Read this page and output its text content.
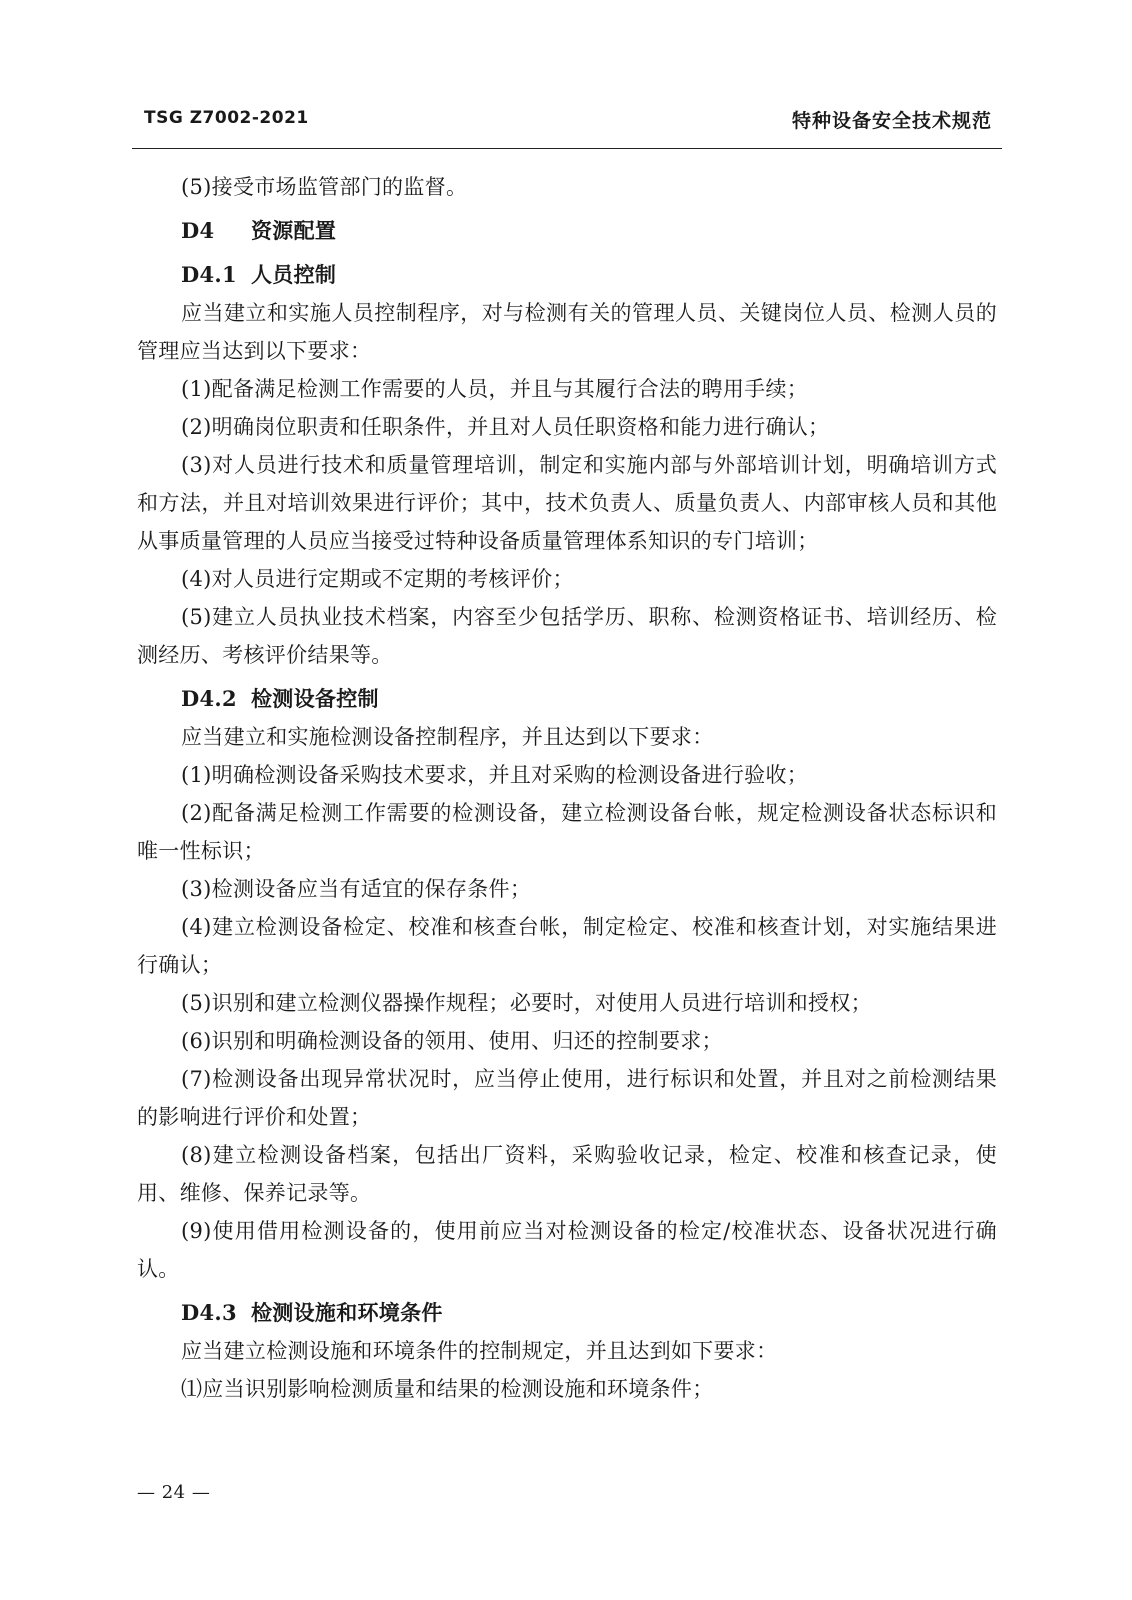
TSG Z7002-2021	特种设备安全技术规范

(5)接受市场监管部门的监督。

D4 资源配置
D4.1 人员控制

应当建立和实施人员控制程序，对与检测有关的管理人员、关键岗位人员、检测人员的管理应当达到以下要求：

(1)配备满足检测工作需要的人员，并且与其履行合法的聘用手续；

(2)明确岗位职责和任职条件，并且对人员任职资格和能力进行确认；

(3)对人员进行技术和质量管理培训，制定和实施内部与外部培训计划，明确培训方式和方法，并且对培训效果进行评价；其中，技术负责人、质量负责人、内部审核人员和其他从事质量管理的人员应当接受过特种设备质量管理体系知识的专门培训；

(4)对人员进行定期或不定期的考核评价；

(5)建立人员执业技术档案，内容至少包括学历、职称、检测资格证书、培训经历、检测经历、考核评价结果等。

D4.2 检测设备控制

应当建立和实施检测设备控制程序，并且达到以下要求：

(1)明确检测设备采购技术要求，并且对采购的检测设备进行验收；

(2)配备满足检测工作需要的检测设备，建立检测设备台帐，规定检测设备状态标识和唯一性标识；

(3)检测设备应当有适宜的保存条件；

(4)建立检测设备检定、校准和核查台帐，制定检定、校准和核查计划，对实施结果进行确认；

(5)识别和建立检测仪器操作规程；必要时，对使用人员进行培训和授权；

(6)识别和明确检测设备的领用、使用、归还的控制要求；

(7)检测设备出现异常状况时，应当停止使用，进行标识和处置，并且对之前检测结果的影响进行评价和处置；

(8)建立检测设备档案，包括出厂资料，采购验收记录，检定、校准和核查记录，使用、维修、保养记录等。

(9)使用借用检测设备的，使用前应当对检测设备的检定/校准状态、设备状况进行确认。

D4.3 检测设施和环境条件

应当建立检测设施和环境条件的控制规定，并且达到如下要求：

⑴应当识别影响检测质量和结果的检测设施和环境条件；

— 24 —
